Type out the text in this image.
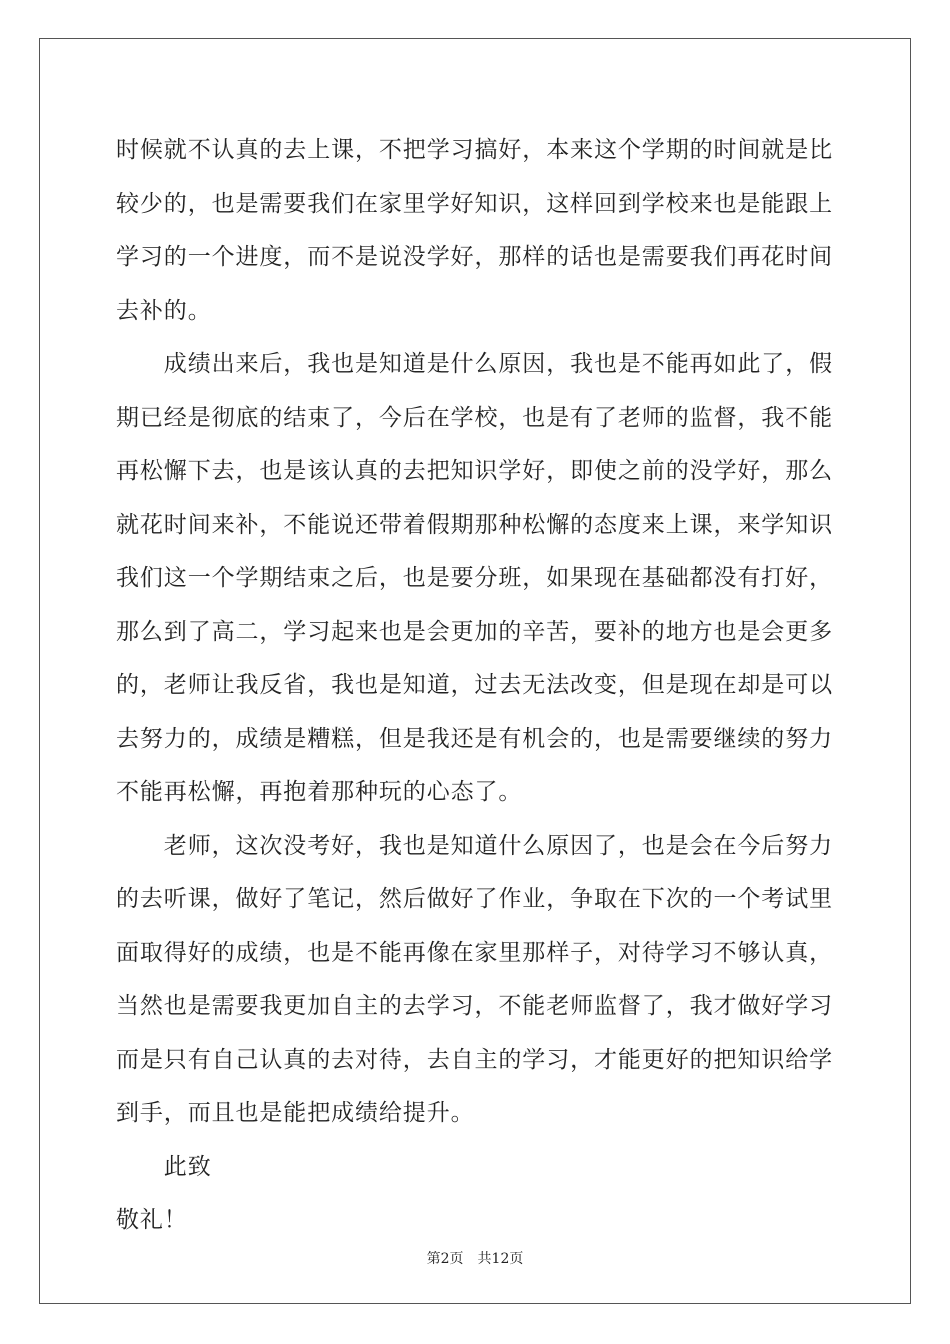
时候就不认真的去上课，不把学习搞好，本来这个学期的时间就是比
较少的，也是需要我们在家里学好知识，这样回到学校来也是能跟上
学习的一个进度，而不是说没学好，那样的话也是需要我们再花时间
去补的。
　　成绩出来后，我也是知道是什么原因，我也是不能再如此了，假
期已经是彻底的结束了，今后在学校，也是有了老师的监督，我不能
再松懈下去，也是该认真的去把知识学好，即使之前的没学好，那么
就花时间来补，不能说还带着假期那种松懈的态度来上课，来学知识
我们这一个学期结束之后，也是要分班，如果现在基础都没有打好，
那么到了高二，学习起来也是会更加的辛苦，要补的地方也是会更多
的，老师让我反省，我也是知道，过去无法改变，但是现在却是可以
去努力的，成绩是糟糕，但是我还是有机会的，也是需要继续的努力
不能再松懈，再抱着那种玩的心态了。
　　老师，这次没考好，我也是知道什么原因了，也是会在今后努力
的去听课，做好了笔记，然后做好了作业，争取在下次的一个考试里
面取得好的成绩，也是不能再像在家里那样子，对待学习不够认真，
当然也是需要我更加自主的去学习，不能老师监督了，我才做好学习
而是只有自己认真的去对待，去自主的学习，才能更好的把知识给学
到手，而且也是能把成绩给提升。
　　此致
敬礼！
第2页　共12页
